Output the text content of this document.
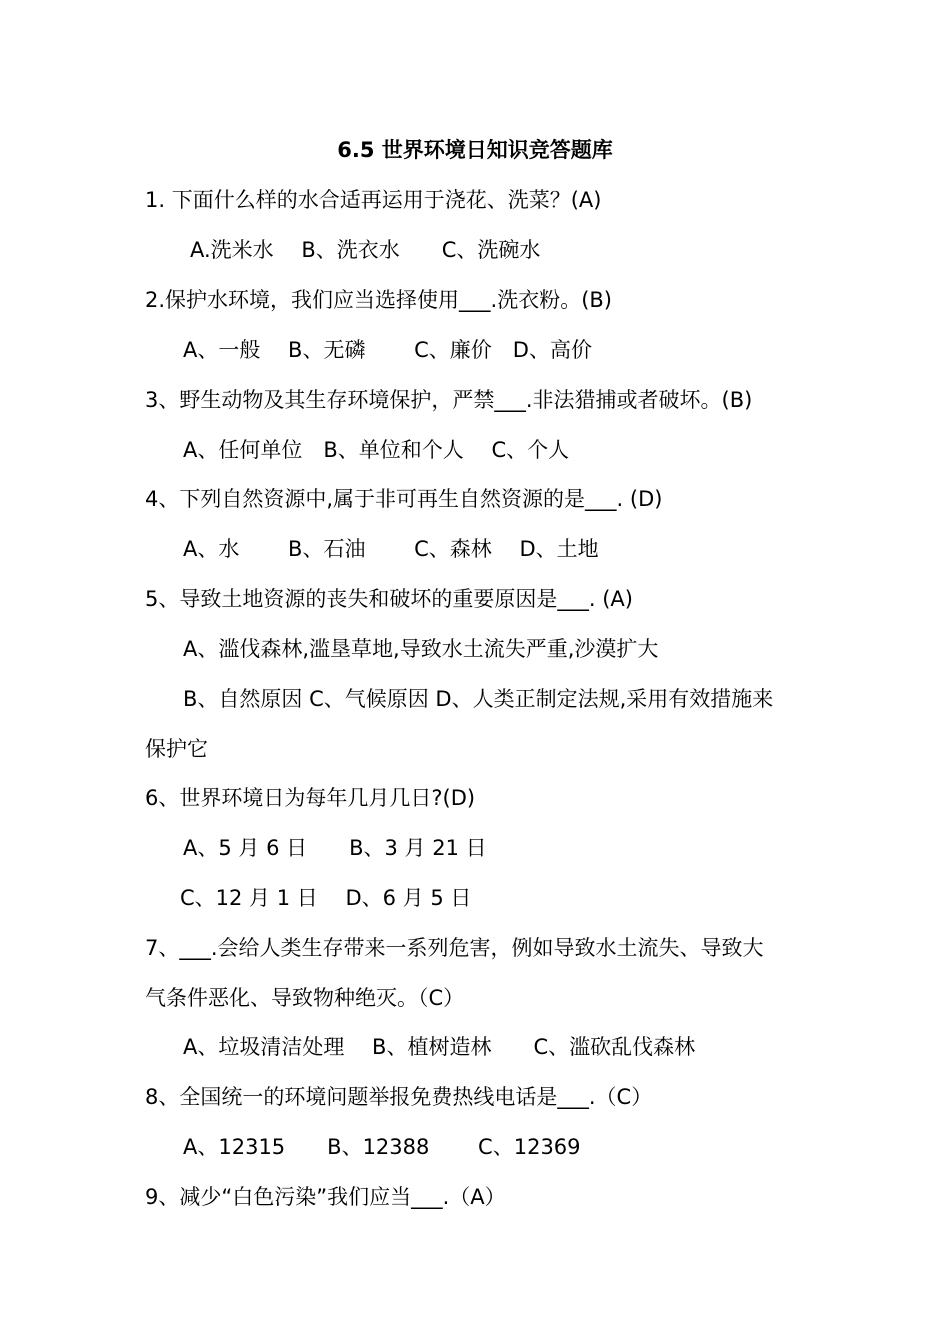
6.5 世界环境日知识竞答题库
1. 下面什么样的水合适再运用于浇花、洗菜？(A)
A.洗米水　 B、洗衣水　　C、洗碗水
2.保护水环境，我们应当选择使用___.洗衣粉。(B)
A、一般　 B、无磷　　 C、廉价　D、高价
3、野生动物及其生存环境保护，严禁___.非法猎捕或者破坏。(B)
A、任何单位　B、单位和个人　 C、个人
4、下列自然资源中,属于非可再生自然资源的是___. (D)
A、水　　 B、石油　　 C、森林　 D、土地
5、导致土地资源的丧失和破坏的重要原因是___. (A)
A、滥伐森林,滥垦草地,导致水土流失严重,沙漠扩大
B、自然原因 C、气候原因 D、人类正制定法规,采用有效措施来
保护它
6、世界环境日为每年几月几日?(D)
A、5 月 6 日　　B、3 月 21 日
C、12 月 1 日　 D、6 月 5 日
7、___.会给人类生存带来一系列危害，例如导致水土流失、导致大
气条件恶化、导致物种绝灭。（C）
A、垃圾清洁处理　 B、植树造林　　C、滥砍乱伐森林
8、全国统一的环境问题举报免费热线电话是___.（C）
A、12315　　B、12388　　 C、12369
9、减少“白色污染”我们应当___.（A）
